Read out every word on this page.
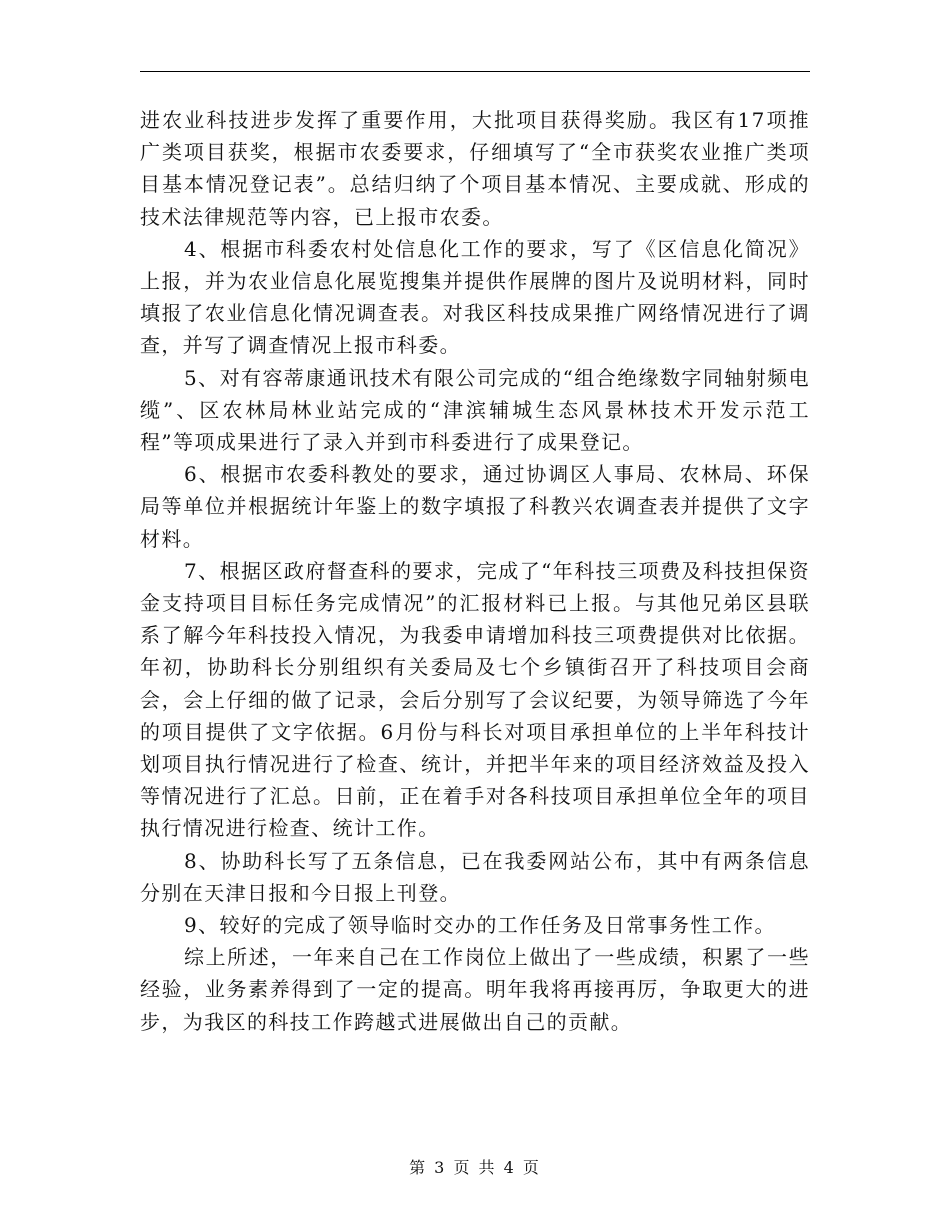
进农业科技进步发挥了重要作用，大批项目获得奖励。我区有17项推广类项目获奖，根据市农委要求，仔细填写了“全市获奖农业推广类项目基本情况登记表”。总结归纳了个项目基本情况、主要成就、形成的技术法律规范等内容，已上报市农委。

4、根据市科委农村处信息化工作的要求，写了《区信息化简况》上报，并为农业信息化展览搜集并提供作展牌的图片及说明材料，同时填报了农业信息化情况调查表。对我区科技成果推广网络情况进行了调查，并写了调查情况上报市科委。

5、对有容蒂康通讯技术有限公司完成的“组合绝缘数字同轴射频电缆”、区农林局林业站完成的“津滨辅城生态风景林技术开发示范工程”等项成果进行了录入并到市科委进行了成果登记。

6、根据市农委科教处的要求，通过协调区人事局、农林局、环保局等单位并根据统计年鉴上的数字填报了科教兴农调查表并提供了文字材料。

7、根据区政府督查科的要求，完成了“年科技三项费及科技担保资金支持项目目标任务完成情况”的汇报材料已上报。与其他兄弟区县联系了解今年科技投入情况，为我委申请增加科技三项费提供对比依据。年初，协助科长分别组织有关委局及七个乡镇街召开了科技项目会商会，会上仔细的做了记录，会后分别写了会议纪要，为领导筛选了今年的项目提供了文字依据。6月份与科长对项目承担单位的上半年科技计划项目执行情况进行了检查、统计，并把半年来的项目经济效益及投入等情况进行了汇总。日前，正在着手对各科技项目承担单位全年的项目执行情况进行检查、统计工作。

8、协助科长写了五条信息，已在我委网站公布，其中有两条信息分别在天津日报和今日报上刊登。

9、较好的完成了领导临时交办的工作任务及日常事务性工作。

综上所述，一年来自己在工作岗位上做出了一些成绩，积累了一些经验，业务素养得到了一定的提高。明年我将再接再厉，争取更大的进步，为我区的科技工作跨越式进展做出自己的贡献。

第 3 页 共 4 页
